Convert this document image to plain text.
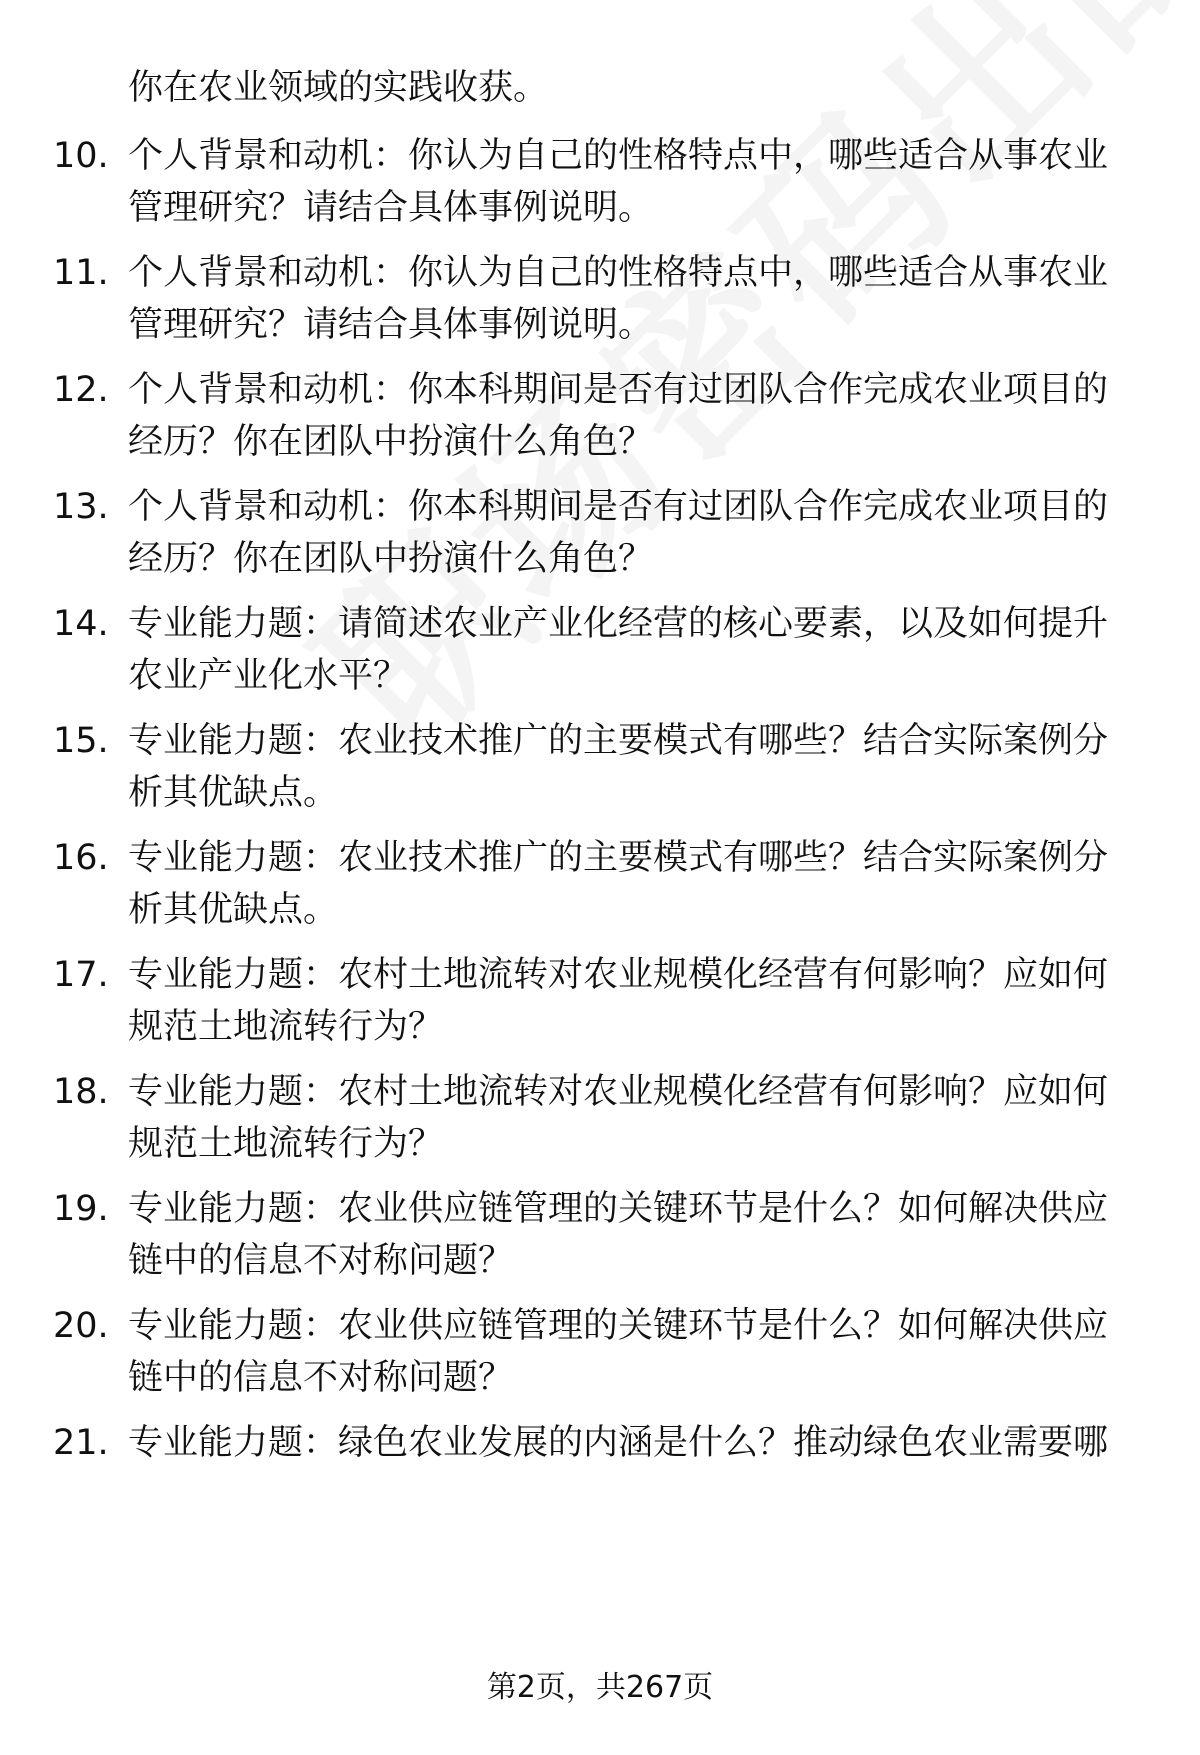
你在农业领域的实践收获。
10. 个人背景和动机：你认为自己的性格特点中，哪些适合从事农业管理研究？请结合具体事例说明。
11. 个人背景和动机：你认为自己的性格特点中，哪些适合从事农业管理研究？请结合具体事例说明。
12. 个人背景和动机：你本科期间是否有过团队合作完成农业项目的经历？你在团队中扮演什么角色？
13. 个人背景和动机：你本科期间是否有过团队合作完成农业项目的经历？你在团队中扮演什么角色？
14. 专业能力题：请简述农业产业化经营的核心要素，以及如何提升农业产业化水平？
15. 专业能力题：农业技术推广的主要模式有哪些？结合实际案例分析其优缺点。
16. 专业能力题：农业技术推广的主要模式有哪些？结合实际案例分析其优缺点。
17. 专业能力题：农村土地流转对农业规模化经营有何影响？应如何规范土地流转行为？
18. 专业能力题：农村土地流转对农业规模化经营有何影响？应如何规范土地流转行为？
19. 专业能力题：农业供应链管理的关键环节是什么？如何解决供应链中的信息不对称问题？
20. 专业能力题：农业供应链管理的关键环节是什么？如何解决供应链中的信息不对称问题？
21. 专业能力题：绿色农业发展的内涵是什么？推动绿色农业需要哪
第2页，共267页
